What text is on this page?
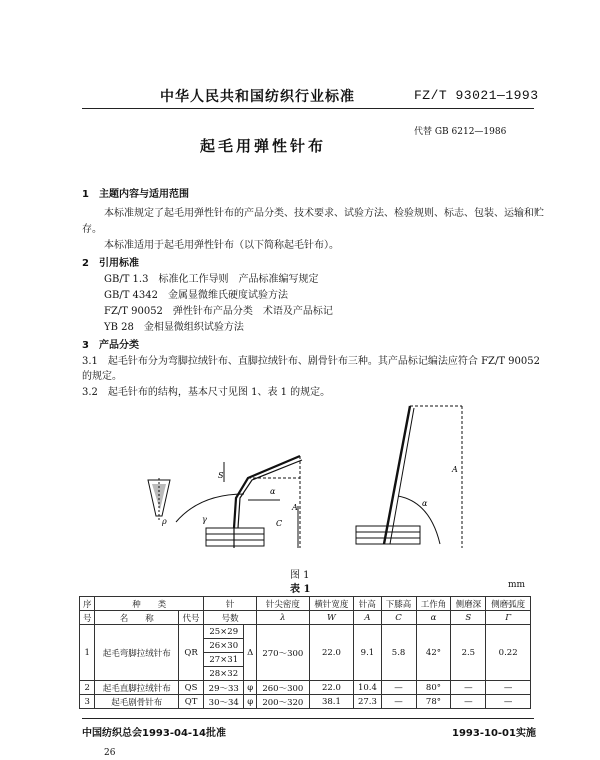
中华人民共和国纺织行业标准	FZ/T 93021—1993
起毛用弹性针布
代替 GB 6212—1986
1　主题内容与适用范围
本标准规定了起毛用弹性针布的产品分类、技术要求、试验方法、检验规则、标志、包装、运输和贮
存。
本标准适用于起毛用弹性针布（以下简称起毛针布）。
2　引用标准
GB/T 1.3　标准化工作导则　产品标准编写规定
GB/T 4342　金属显微维氏硬度试验方法
FZ/T 90052　弹性针布产品分类　术语及产品标记
YB 28　金相显微组织试验方法
3　产品分类
3.1　起毛针布分为弯脚拉绒针布、直脚拉绒针布、剧骨针布三种。其产品标记编法应符合 FZ/T 90052
的规定。
3.2　起毛针布的结构，基本尺寸见图 1、表 1 的规定。
ρ
S
α
A
C
γ
A
α
图 1
表 1	mm
序	种　　类		针		针尖密度	横针宽度	针高	下膝高	工作角	侧磨深	侧磨弧度
号	名　　称	代号	号数		λ	W	A	C	α	S	Γ
1	起毛弯脚拉绒针布	QR	25×29	Δ	270～300	22.0	9.1	5.8	42°	2.5	0.22
			26×30								
			27×31								
			28×32								
2	起毛直脚拉绒针布	QS	29～33	φ	260～300	22.0	10.4	—	80°	—	—
3	起毛剧骨针布	QT	30～34	φ	200～320	38.1	27.3	—	78°	—	—
中国纺织总会1993-04-14批准	1993-10-01实施
26
